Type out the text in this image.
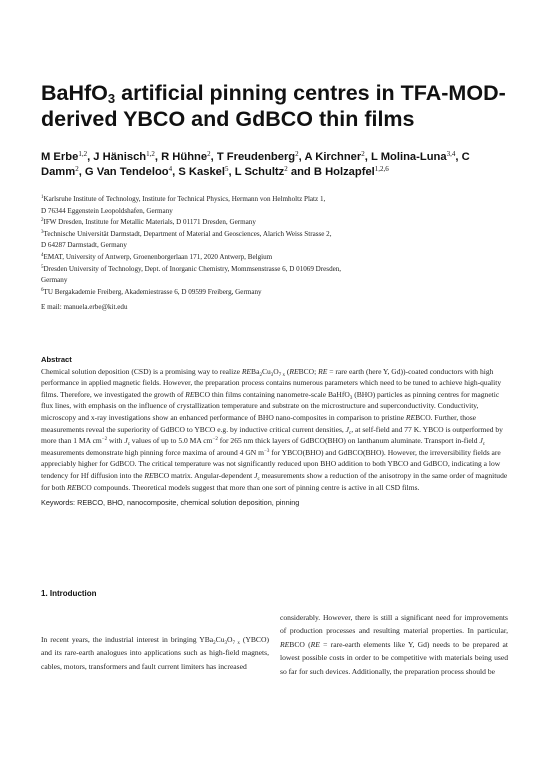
BaHfO$_3$ artificial pinning centres in TFA-MOD-derived YBCO and GdBCO thin films
M Erbe$^{1,2}$, J Hänisch$^{1,2}$, R Hühne$^2$, T Freudenberg$^2$, A Kirchner$^2$, L Molina-Luna$^{3,4}$, C Damm$^2$, G Van Tendeloo$^4$, S Kaskel$^5$, L Schultz$^2$ and B Holzapfel$^{1,2,6}$
$^1$Karlsruhe Institute of Technology, Institute for Technical Physics, Hermann von Helmholtz Platz 1,
D 76344 Eggenstein Leopoldshafen, Germany
$^2$IFW Dresden, Institute for Metallic Materials, D 01171 Dresden, Germany
$^3$Technische Universität Darmstadt, Department of Material and Geosciences, Alarich Weiss Strasse 2,
D 64287 Darmstadt, Germany
$^4$EMAT, University of Antwerp, Groenenborgerlaan 171, 2020 Antwerp, Belgium
$^5$Dresden University of Technology, Dept. of Inorganic Chemistry, Mommsenstrasse 6, D 01069 Dresden,
Germany
$^6$TU Bergakademie Freiberg, Akademiestrasse 6, D 09599 Freiberg, Germany
E mail: manuela.erbe@kit.edu
Abstract
Chemical solution deposition (CSD) is a promising way to realize $REBa_2Cu_3O_{7 x}$ (REBCO; RE = rare earth (here Y, Gd))-coated conductors with high performance in applied magnetic fields. However, the preparation process contains numerous parameters which need to be tuned to achieve high-quality films. Therefore, we investigated the growth of REBCO thin films containing nanometre-scale BaHfO$_3$ (BHO) particles as pinning centres for magnetic flux lines, with emphasis on the influence of crystallization temperature and substrate on the microstructure and superconductivity. Conductivity, microscopy and x-ray investigations show an enhanced performance of BHO nano-composites in comparison to pristine REBCO. Further, those measurements reveal the superiority of GdBCO to YBCO e.g. by inductive critical current densities, $J_c$, at self-field and 77 K. YBCO is outperformed by more than 1 MA $cm^{-2}$ with $J_c$ values of up to 5.0 MA $cm^{-2}$ for 265 nm thick layers of GdBCO(BHO) on lanthanum aluminate. Transport in-field $J_c$ measurements demonstrate high pinning force maxima of around 4 GN $m^{-3}$ for YBCO(BHO) and GdBCO(BHO). However, the irreversibility fields are appreciably higher for GdBCO. The critical temperature was not significantly reduced upon BHO addition to both YBCO and GdBCO, indicating a low tendency for Hf diffusion into the REBCO matrix. Angular-dependent $J_c$ measurements show a reduction of the anisotropy in the same order of magnitude for both REBCO compounds. Theoretical models suggest that more than one sort of pinning centre is active in all CSD films.
Keywords: REBCO, BHO, nanocomposite, chemical solution deposition, pinning
1. Introduction
In recent years, the industrial interest in bringing $YBa_2Cu_3O_{7 x}$ (YBCO) and its rare-earth analogues into applications such as high-field magnets, cables, motors, transformers and fault current limiters has increased
considerably. However, there is still a significant need for improvements of production processes and resulting material properties. In particular, REBCO (RE = rare-earth elements like Y, Gd) needs to be prepared at lowest possible costs in order to be competitive with materials being used so far for such devices. Additionally, the preparation process should be
